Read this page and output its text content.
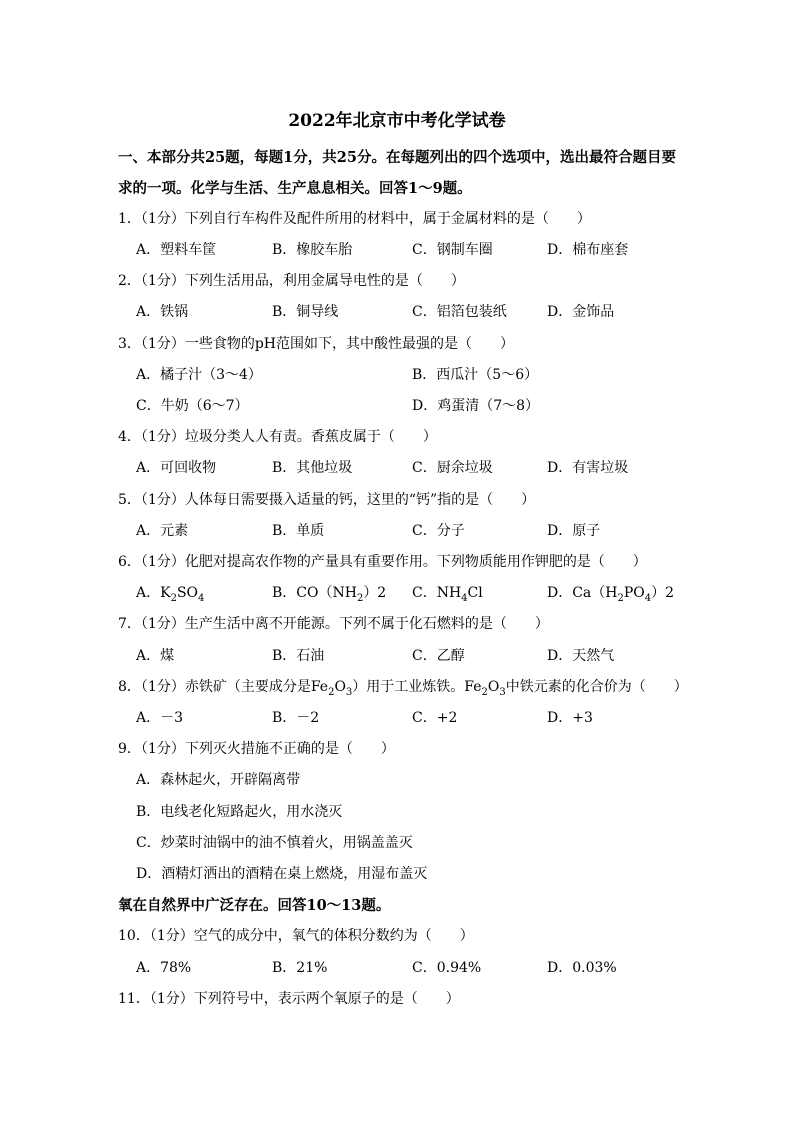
2022年北京市中考化学试卷
一、本部分共25题，每题1分，共25分。在每题列出的四个选项中，选出最符合题目要
求的一项。化学与生活、生产息息相关。回答1～9题。
1．（1分）下列自行车构件及配件所用的材料中，属于金属材料的是（　　）
A．塑料车筐	B．橡胶车胎	C．钢制车圈	D．棉布座套
2．（1分）下列生活用品，利用金属导电性的是（　　）
A．铁锅	B．铜导线	C．铝箔包装纸	D．金饰品
3．（1分）一些食物的pH范围如下，其中酸性最强的是（　　）
A．橘子汁（3～4）	B．西瓜汁（5～6）
C．牛奶（6～7）	D．鸡蛋清（7～8）
4．（1分）垃圾分类人人有责。香蕉皮属于（　　）
A．可回收物	B．其他垃圾	C．厨余垃圾	D．有害垃圾
5．（1分）人体每日需要摄入适量的钙，这里的“钙”指的是（　　）
A．元素	B．单质	C．分子	D．原子
6．（1分）化肥对提高农作物的产量具有重要作用。下列物质能用作钾肥的是（　　）
A．$K_2SO_4$	B．$CO(NH_2)2$ C．$NH_4Cl$	D．$Ca(H_2PO_4)2$
7．（1分）生产生活中离不开能源。下列不属于化石燃料的是（　　）
A．煤	B．石油	C．乙醇	D．天然气
8．（1分）赤铁矿（主要成分是$Fe_2O_3$）用于工业炼铁。$Fe_2O_3$中铁元素的化合价为（　　）
A．－3	B．－2	C．+2	D．+3
9．（1分）下列灭火措施不正确的是（　　）
A．森林起火，开辟隔离带
B．电线老化短路起火，用水浇灭
C．炒菜时油锅中的油不慎着火，用锅盖盖灭
D．酒精灯洒出的酒精在桌上燃烧，用湿布盖灭
氧在自然界中广泛存在。回答10～13题。
10．（1分）空气的成分中，氧气的体积分数约为（　　）
A．78%	B．21%	C．0.94%	D．0.03%
11．（1分）下列符号中，表示两个氧原子的是（　　）
